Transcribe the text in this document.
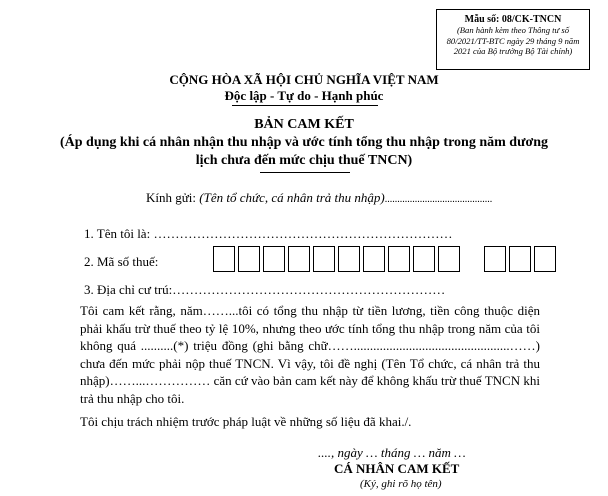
Mẫu số: 08/CK-TNCN
(Ban hành kèm theo Thông tư số 80/2021/TT-BTC ngày 29 tháng 9 năm 2021 của Bộ trưởng Bộ Tài chính)
CỘNG HÒA XÃ HỘI CHỦ NGHĨA VIỆT NAM
Độc lập - Tự do - Hạnh phúc
BẢN CAM KẾT
(Áp dụng khi cá nhân nhận thu nhập và ước tính tổng thu nhập trong năm dương lịch chưa đến mức chịu thuế TNCN)
Kính gửi: (Tên tổ chức, cá nhân trả thu nhập)...........................................
1. Tên tôi là: ……………………………………………………………
2. Mã số thuế:
3. Địa chỉ cư trú:………………………………………………………
Tôi cam kết rằng, năm……...tôi có tổng thu nhập từ tiền lương, tiền công thuộc diện phải khấu trừ thuế theo tỷ lệ 10%, nhưng theo ước tính tổng thu nhập trong năm của tôi không quá ..........(*) triệu đồng (ghi bằng chữ……................................................……) chưa đến mức phải nộp thuế TNCN. Vì vậy, tôi đề nghị (Tên Tổ chức, cá nhân trả thu nhập)……...…………… căn cứ vào bản cam kết này để không khấu trừ thuế TNCN khi trả thu nhập cho tôi.
Tôi chịu trách nhiệm trước pháp luật về những số liệu đã khai./.
...., ngày … tháng … năm …
CÁ NHÂN CAM KẾT
(Ký, ghi rõ họ tên)
